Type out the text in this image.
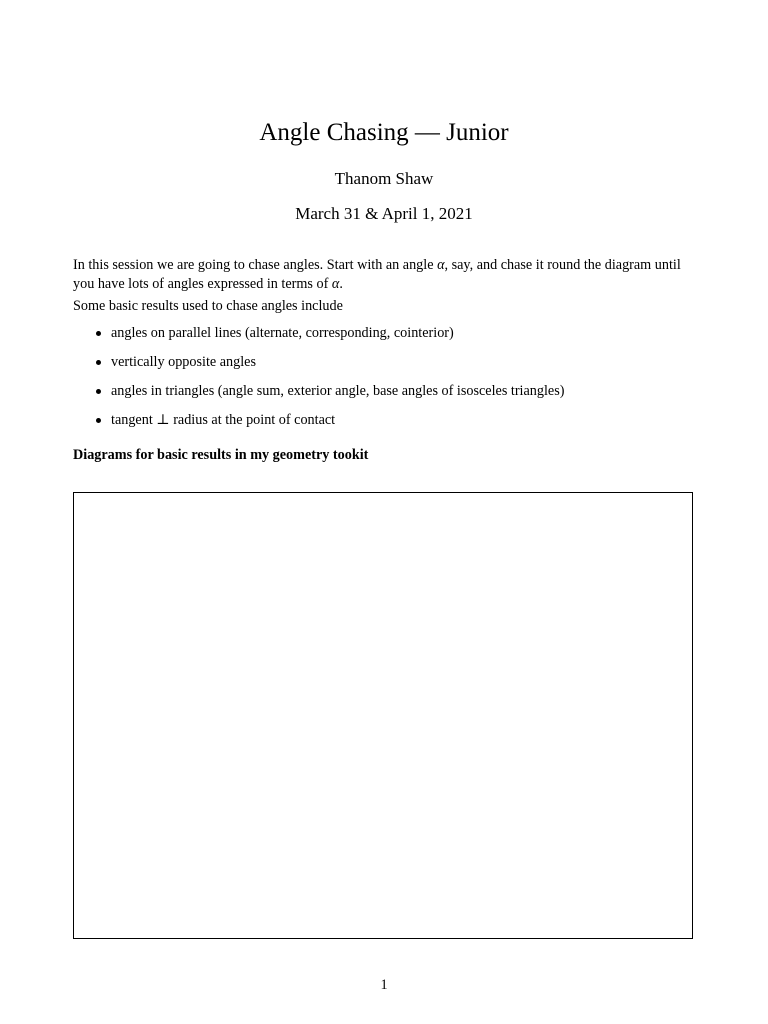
Angle Chasing — Junior
Thanom Shaw
March 31 & April 1, 2021

In this session we are going to chase angles. Start with an angle α, say, and chase it round the diagram until you have lots of angles expressed in terms of α.

Some basic results used to chase angles include

angles on parallel lines (alternate, corresponding, cointerior)
vertically opposite angles
angles in triangles (angle sum, exterior angle, base angles of isosceles triangles)
tangent ⊥ radius at the point of contact

Diagrams for basic results in my geometry tookit

1
